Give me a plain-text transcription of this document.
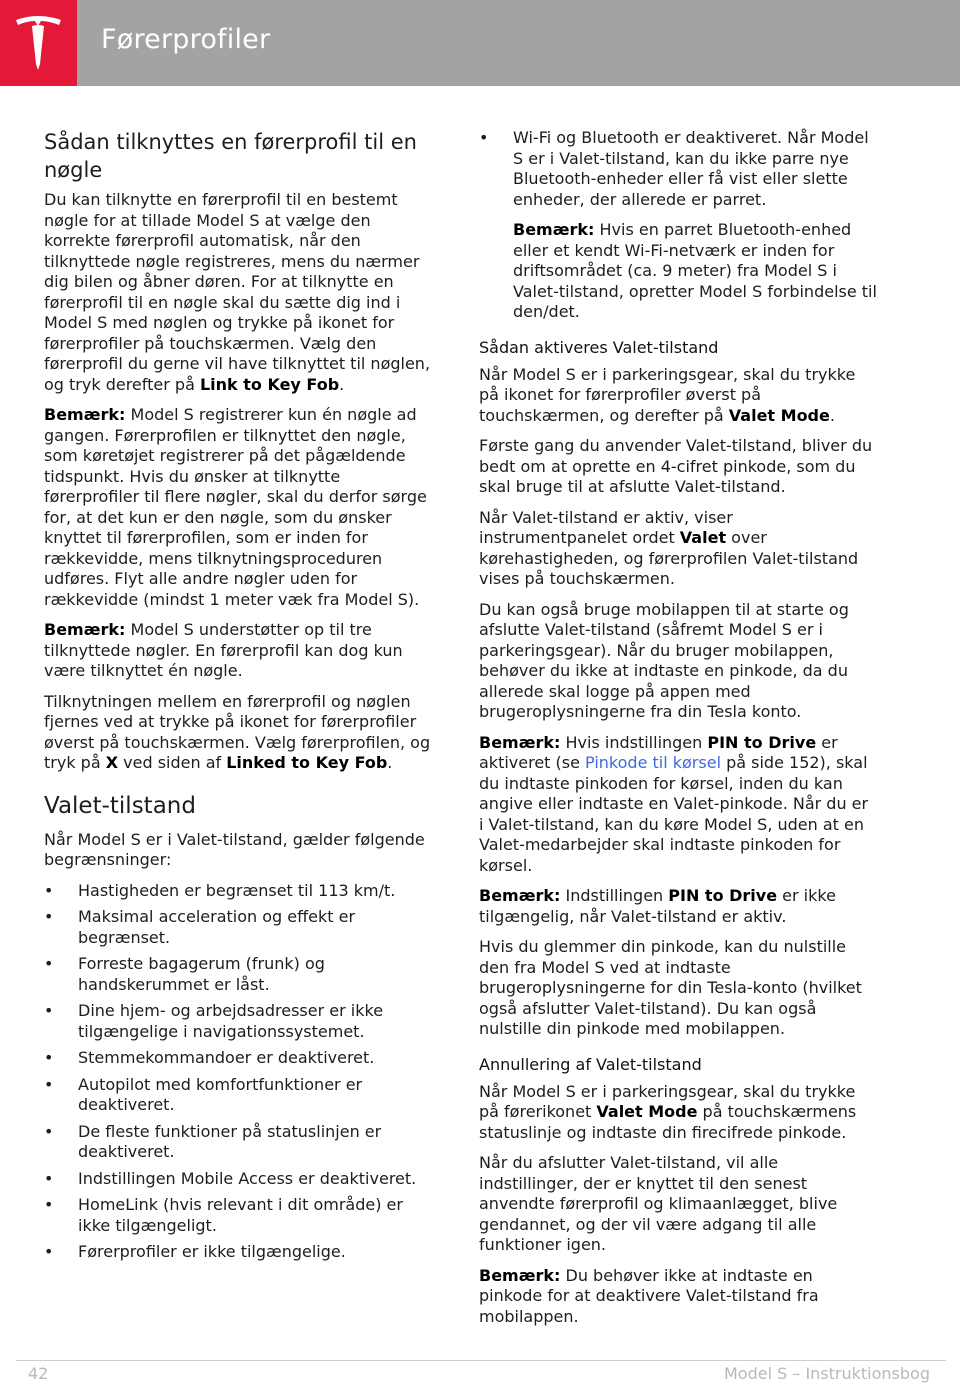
Førerprofiler
Sådan tilknyttes en førerprofil til en nøgle

Du kan tilknytte en førerprofil til en bestemt nøgle for at tillade Model S at vælge den korrekte førerprofil automatisk, når den tilknyttede nøgle registreres, mens du nærmer dig bilen og åbner døren. For at tilknytte en førerprofil til en nøgle skal du sætte dig ind i Model S med nøglen og trykke på ikonet for førerprofiler på touchskærmen. Vælg den førerprofil du gerne vil have tilknyttet til nøglen, og tryk derefter på Link to Key Fob.

Bemærk: Model S registrerer kun én nøgle ad gangen. Førerprofilen er tilknyttet den nøgle, som køretøjet registrerer på det pågældende tidspunkt. Hvis du ønsker at tilknytte førerprofiler til flere nøgler, skal du derfor sørge for, at det kun er den nøgle, som du ønsker knyttet til førerprofilen, som er inden for rækkevidde, mens tilknytningsproceduren udføres. Flyt alle andre nøgler uden for rækkevidde (mindst 1 meter væk fra Model S).

Bemærk: Model S understøtter op til tre tilknyttede nøgler. En førerprofil kan dog kun være tilknyttet én nøgle.

Tilknytningen mellem en førerprofil og nøglen fjernes ved at trykke på ikonet for førerprofiler øverst på touchskærmen. Vælg førerprofilen, og tryk på X ved siden af Linked to Key Fob.

Valet-tilstand

Når Model S er i Valet-tilstand, gælder følgende begrænsninger:

• Hastigheden er begrænset til 113 km/t.
• Maksimal acceleration og effekt er begrænset.
• Forreste bagagerum (frunk) og handskerummet er låst.
• Dine hjem- og arbejdsadresser er ikke tilgængelige i navigationssystemet.
• Stemmekommandoer er deaktiveret.
• Autopilot med komfortfunktioner er deaktiveret.
• De fleste funktioner på statuslinjen er deaktiveret.
• Indstillingen Mobile Access er deaktiveret.
• HomeLink (hvis relevant i dit område) er ikke tilgængeligt.
• Førerprofiler er ikke tilgængelige.
• Wi-Fi og Bluetooth er deaktiveret. Når Model S er i Valet-tilstand, kan du ikke parre nye Bluetooth-enheder eller få vist eller slette enheder, der allerede er parret.

Bemærk: Hvis en parret Bluetooth-enhed eller et kendt Wi-Fi-netværk er inden for driftsområdet (ca. 9 meter) fra Model S i Valet-tilstand, opretter Model S forbindelse til den/det.

Sådan aktiveres Valet-tilstand

Når Model S er i parkeringsgear, skal du trykke på ikonet for førerprofiler øverst på touchskærmen, og derefter på Valet Mode.

Første gang du anvender Valet-tilstand, bliver du bedt om at oprette en 4-cifret pinkode, som du skal bruge til at afslutte Valet-tilstand.

Når Valet-tilstand er aktiv, viser instrumentpanelet ordet Valet over kørehastigheden, og førerprofilen Valet-tilstand vises på touchskærmen.

Du kan også bruge mobilappen til at starte og afslutte Valet-tilstand (såfremt Model S er i parkeringsgear). Når du bruger mobilappen, behøver du ikke at indtaste en pinkode, da du allerede skal logge på appen med brugeroplysningerne fra din Tesla konto.

Bemærk: Hvis indstillingen PIN to Drive er aktiveret (se Pinkode til kørsel på side 152), skal du indtaste pinkoden for kørsel, inden du kan angive eller indtaste en Valet-pinkode. Når du er i Valet-tilstand, kan du køre Model S, uden at en Valet-medarbejder skal indtaste pinkoden for kørsel.

Bemærk: Indstillingen PIN to Drive er ikke tilgængelig, når Valet-tilstand er aktiv.

Hvis du glemmer din pinkode, kan du nulstille den fra Model S ved at indtaste brugeroplysningerne for din Tesla-konto (hvilket også afslutter Valet-tilstand). Du kan også nulstille din pinkode med mobilappen.

Annullering af Valet-tilstand

Når Model S er i parkeringsgear, skal du trykke på førerikonet Valet Mode på touchskærmens statuslinje og indtaste din firecifrede pinkode.

Når du afslutter Valet-tilstand, vil alle indstillinger, der er knyttet til den senest anvendte førerprofil og klimaanlægget, blive gendannet, og der vil være adgang til alle funktioner igen.

Bemærk: Du behøver ikke at indtaste en pinkode for at deaktivere Valet-tilstand fra mobilappen.

42	Model S – Instruktionsbog
